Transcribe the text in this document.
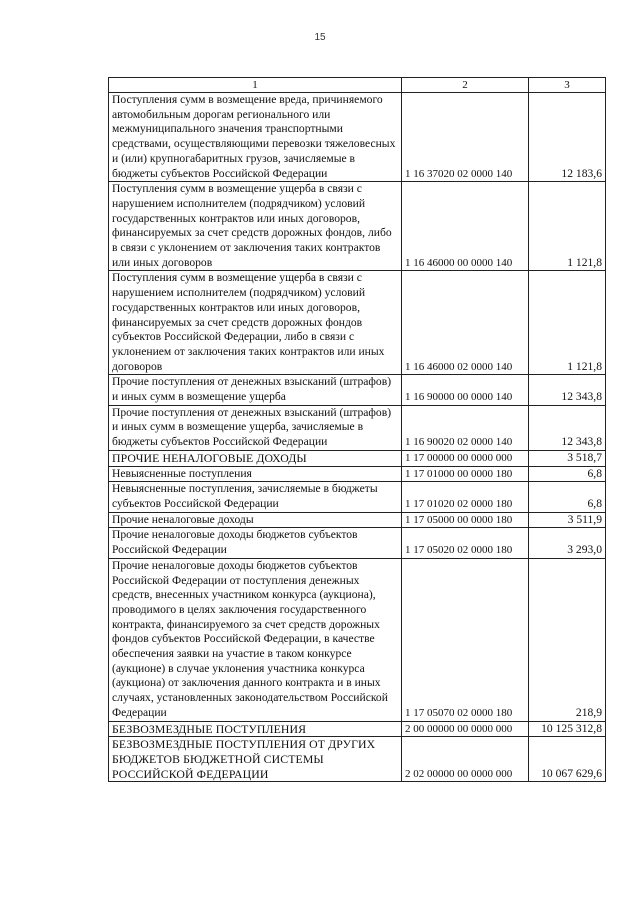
15
1	2	3
Поступления сумм в возмещение вреда, причиняемого автомобильным дорогам регионального или межмуниципального значения транспортными средствами, осуществляющими перевозки тяжеловесных и (или) крупногабаритных грузов, зачисляемые в бюджеты субъектов Российской Федерации	1 16 37020 02 0000 140	12 183,6
Поступления сумм в возмещение ущерба в связи с нарушением исполнителем (подрядчиком) условий государственных контрактов или иных договоров, финансируемых за счет средств дорожных фондов, либо в связи с уклонением от заключения таких контрактов или иных договоров	1 16 46000 00 0000 140	1 121,8
Поступления сумм в возмещение ущерба в связи с нарушением исполнителем (подрядчиком) условий государственных контрактов или иных договоров, финансируемых за счет средств дорожных фондов субъектов Российской Федерации, либо в связи с уклонением от заключения таких контрактов или иных договоров	1 16 46000 02 0000 140	1 121,8
Прочие поступления от денежных взысканий (штрафов) и иных сумм в возмещение ущерба	1 16 90000 00 0000 140	12 343,8
Прочие поступления от денежных взысканий (штрафов) и иных сумм в возмещение ущерба, зачисляемые в бюджеты субъектов Российской Федерации	1 16 90020 02 0000 140	12 343,8
ПРОЧИЕ НЕНАЛОГОВЫЕ ДОХОДЫ	1 17 00000 00 0000 000	3 518,7
Невыясненные поступления	1 17 01000 00 0000 180	6,8
Невыясненные поступления, зачисляемые в бюджеты субъектов Российской Федерации	1 17 01020 02 0000 180	6,8
Прочие неналоговые доходы	1 17 05000 00 0000 180	3 511,9
Прочие неналоговые доходы бюджетов субъектов Российской Федерации	1 17 05020 02 0000 180	3 293,0
Прочие неналоговые доходы бюджетов субъектов Российской Федерации от поступления денежных средств, внесенных участником конкурса (аукциона), проводимого в целях заключения государственного контракта, финансируемого за счет средств дорожных фондов субъектов Российской Федерации, в качестве обеспечения заявки на участие в таком конкурсе (аукционе) в случае уклонения участника конкурса (аукциона) от заключения данного контракта и в иных случаях, установленных законодательством Российской Федерации	1 17 05070 02 0000 180	218,9
БЕЗВОЗМЕЗДНЫЕ ПОСТУПЛЕНИЯ	2 00 00000 00 0000 000	10 125 312,8
БЕЗВОЗМЕЗДНЫЕ ПОСТУПЛЕНИЯ ОТ ДРУГИХ БЮДЖЕТОВ БЮДЖЕТНОЙ СИСТЕМЫ РОССИЙСКОЙ ФЕДЕРАЦИИ	2 02 00000 00 0000 000	10 067 629,6
